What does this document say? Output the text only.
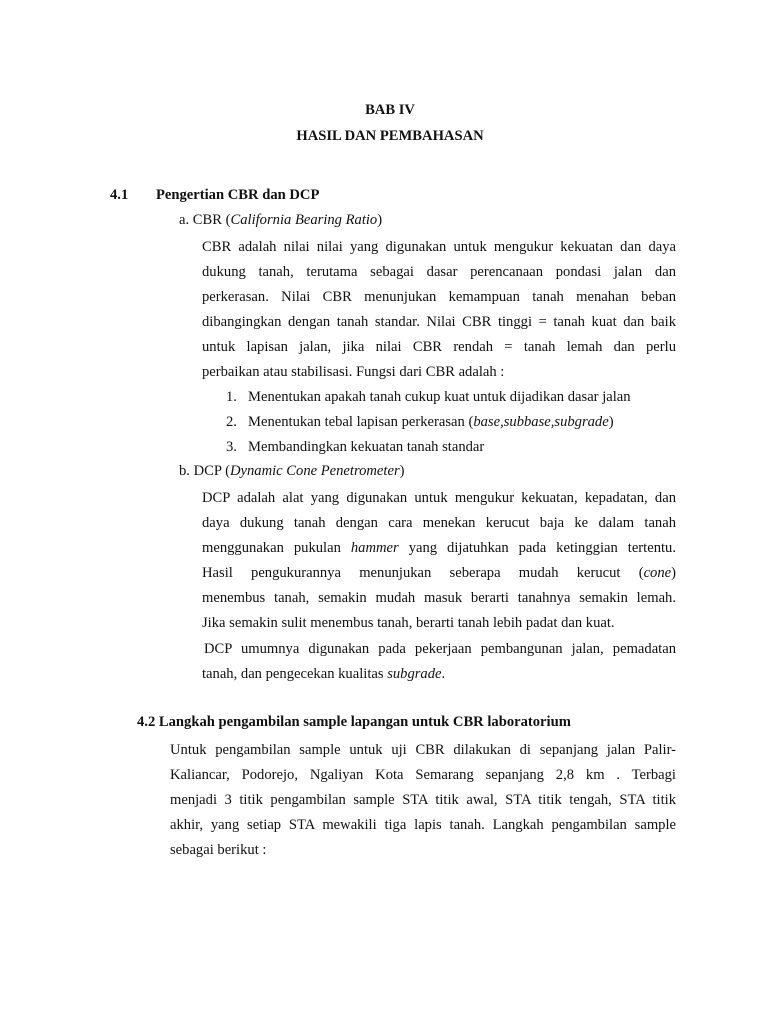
BAB IV
HASIL DAN PEMBAHASAN
4.1 Pengertian CBR dan DCP
a. CBR (California Bearing Ratio)
CBR adalah nilai nilai yang digunakan untuk mengukur kekuatan dan daya
dukung tanah, terutama sebagai dasar perencanaan pondasi jalan dan
perkerasan. Nilai CBR menunjukan kemampuan tanah menahan beban
dibangingkan dengan tanah standar. Nilai CBR tinggi = tanah kuat dan baik
untuk lapisan jalan, jika nilai CBR rendah = tanah lemah dan perlu
perbaikan atau stabilisasi. Fungsi dari CBR adalah :
1. Menentukan apakah tanah cukup kuat untuk dijadikan dasar jalan
2. Menentukan tebal lapisan perkerasan (base,subbase,subgrade)
3. Membandingkan kekuatan tanah standar
b. DCP (Dynamic Cone Penetrometer)
DCP adalah alat yang digunakan untuk mengukur kekuatan, kepadatan, dan
daya dukung tanah dengan cara menekan kerucut baja ke dalam tanah
menggunakan pukulan hammer yang dijatuhkan pada ketinggian tertentu.
Hasil pengukurannya menunjukan seberapa mudah kerucut (cone)
menembus tanah, semakin mudah masuk berarti tanahnya semakin lemah.
Jika semakin sulit menembus tanah, berarti tanah lebih padat dan kuat.
DCP umumnya digunakan pada pekerjaan pembangunan jalan, pemadatan
tanah, dan pengecekan kualitas subgrade.
4.2 Langkah pengambilan sample lapangan untuk CBR laboratorium
Untuk pengambilan sample untuk uji CBR dilakukan di sepanjang jalan Palir-
Kaliancar, Podorejo, Ngaliyan Kota Semarang sepanjang 2,8 km . Terbagi
menjadi 3 titik pengambilan sample STA titik awal, STA titik tengah, STA titik
akhir, yang setiap STA mewakili tiga lapis tanah. Langkah pengambilan sample
sebagai berikut :
